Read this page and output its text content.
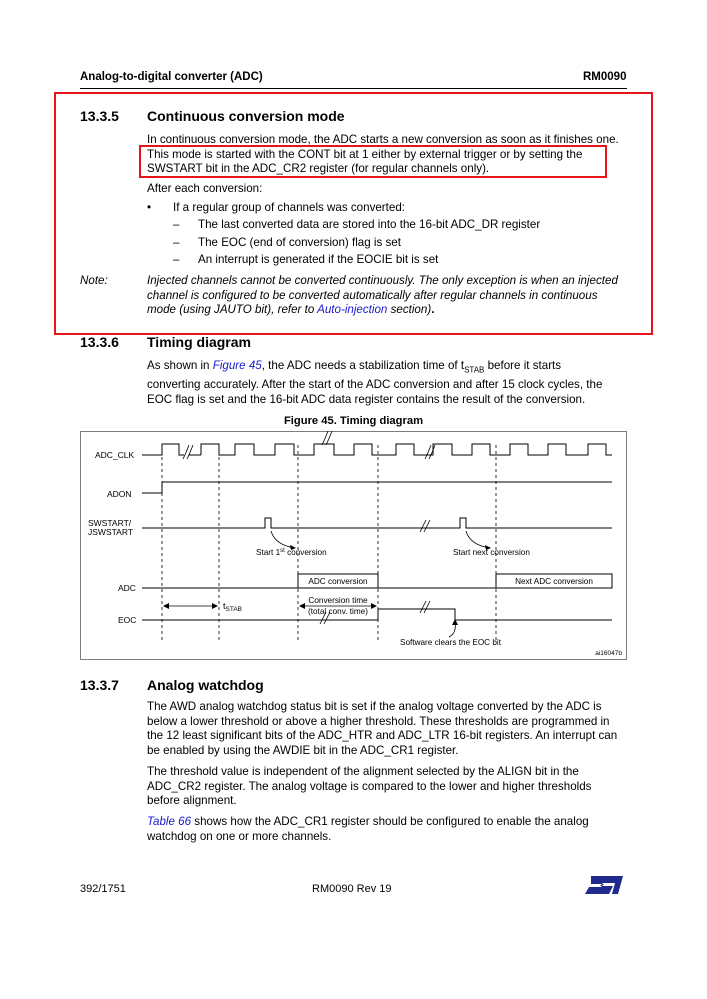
Analog-to-digital converter (ADC)	RM0090
13.3.5 Continuous conversion mode
In continuous conversion mode, the ADC starts a new conversion as soon as it finishes one.
This mode is started with the CONT bit at 1 either by external trigger or by setting the
SWSTART bit in the ADC_CR2 register (for regular channels only).
After each conversion:
• If a regular group of channels was converted:
– The last converted data are stored into the 16-bit ADC_DR register
– The EOC (end of conversion) flag is set
– An interrupt is generated if the EOCIE bit is set
Note:	Injected channels cannot be converted continuously. The only exception is when an injected
channel is configured to be converted automatically after regular channels in continuous
mode (using JAUTO bit), refer to Auto-injection section).
13.3.6 Timing diagram
As shown in Figure 45, the ADC needs a stabilization time of $t_{STAB}$ before it starts
converting accurately. After the start of the ADC conversion and after 15 clock cycles, the
EOC flag is set and the 16-bit ADC data register contains the result of the conversion.
Figure 45. Timing diagram
ADC_CLK
ADON
SWSTART/
JSWSTART
ADC
EOC
Start 1st conversion	Start next conversion
ADC conversion	Next ADC conversion
$t_{STAB}$
Conversion time
(total conv. time)
Software clears the EOC bit
ai16047b
13.3.7 Analog watchdog
The AWD analog watchdog status bit is set if the analog voltage converted by the ADC is
below a lower threshold or above a higher threshold. These thresholds are programmed in
the 12 least significant bits of the ADC_HTR and ADC_LTR 16-bit registers. An interrupt can
be enabled by using the AWDIE bit in the ADC_CR1 register.
The threshold value is independent of the alignment selected by the ALIGN bit in the
ADC_CR2 register. The analog voltage is compared to the lower and higher thresholds
before alignment.
Table 66 shows how the ADC_CR1 register should be configured to enable the analog
watchdog on one or more channels.
392/1751	RM0090 Rev 19
